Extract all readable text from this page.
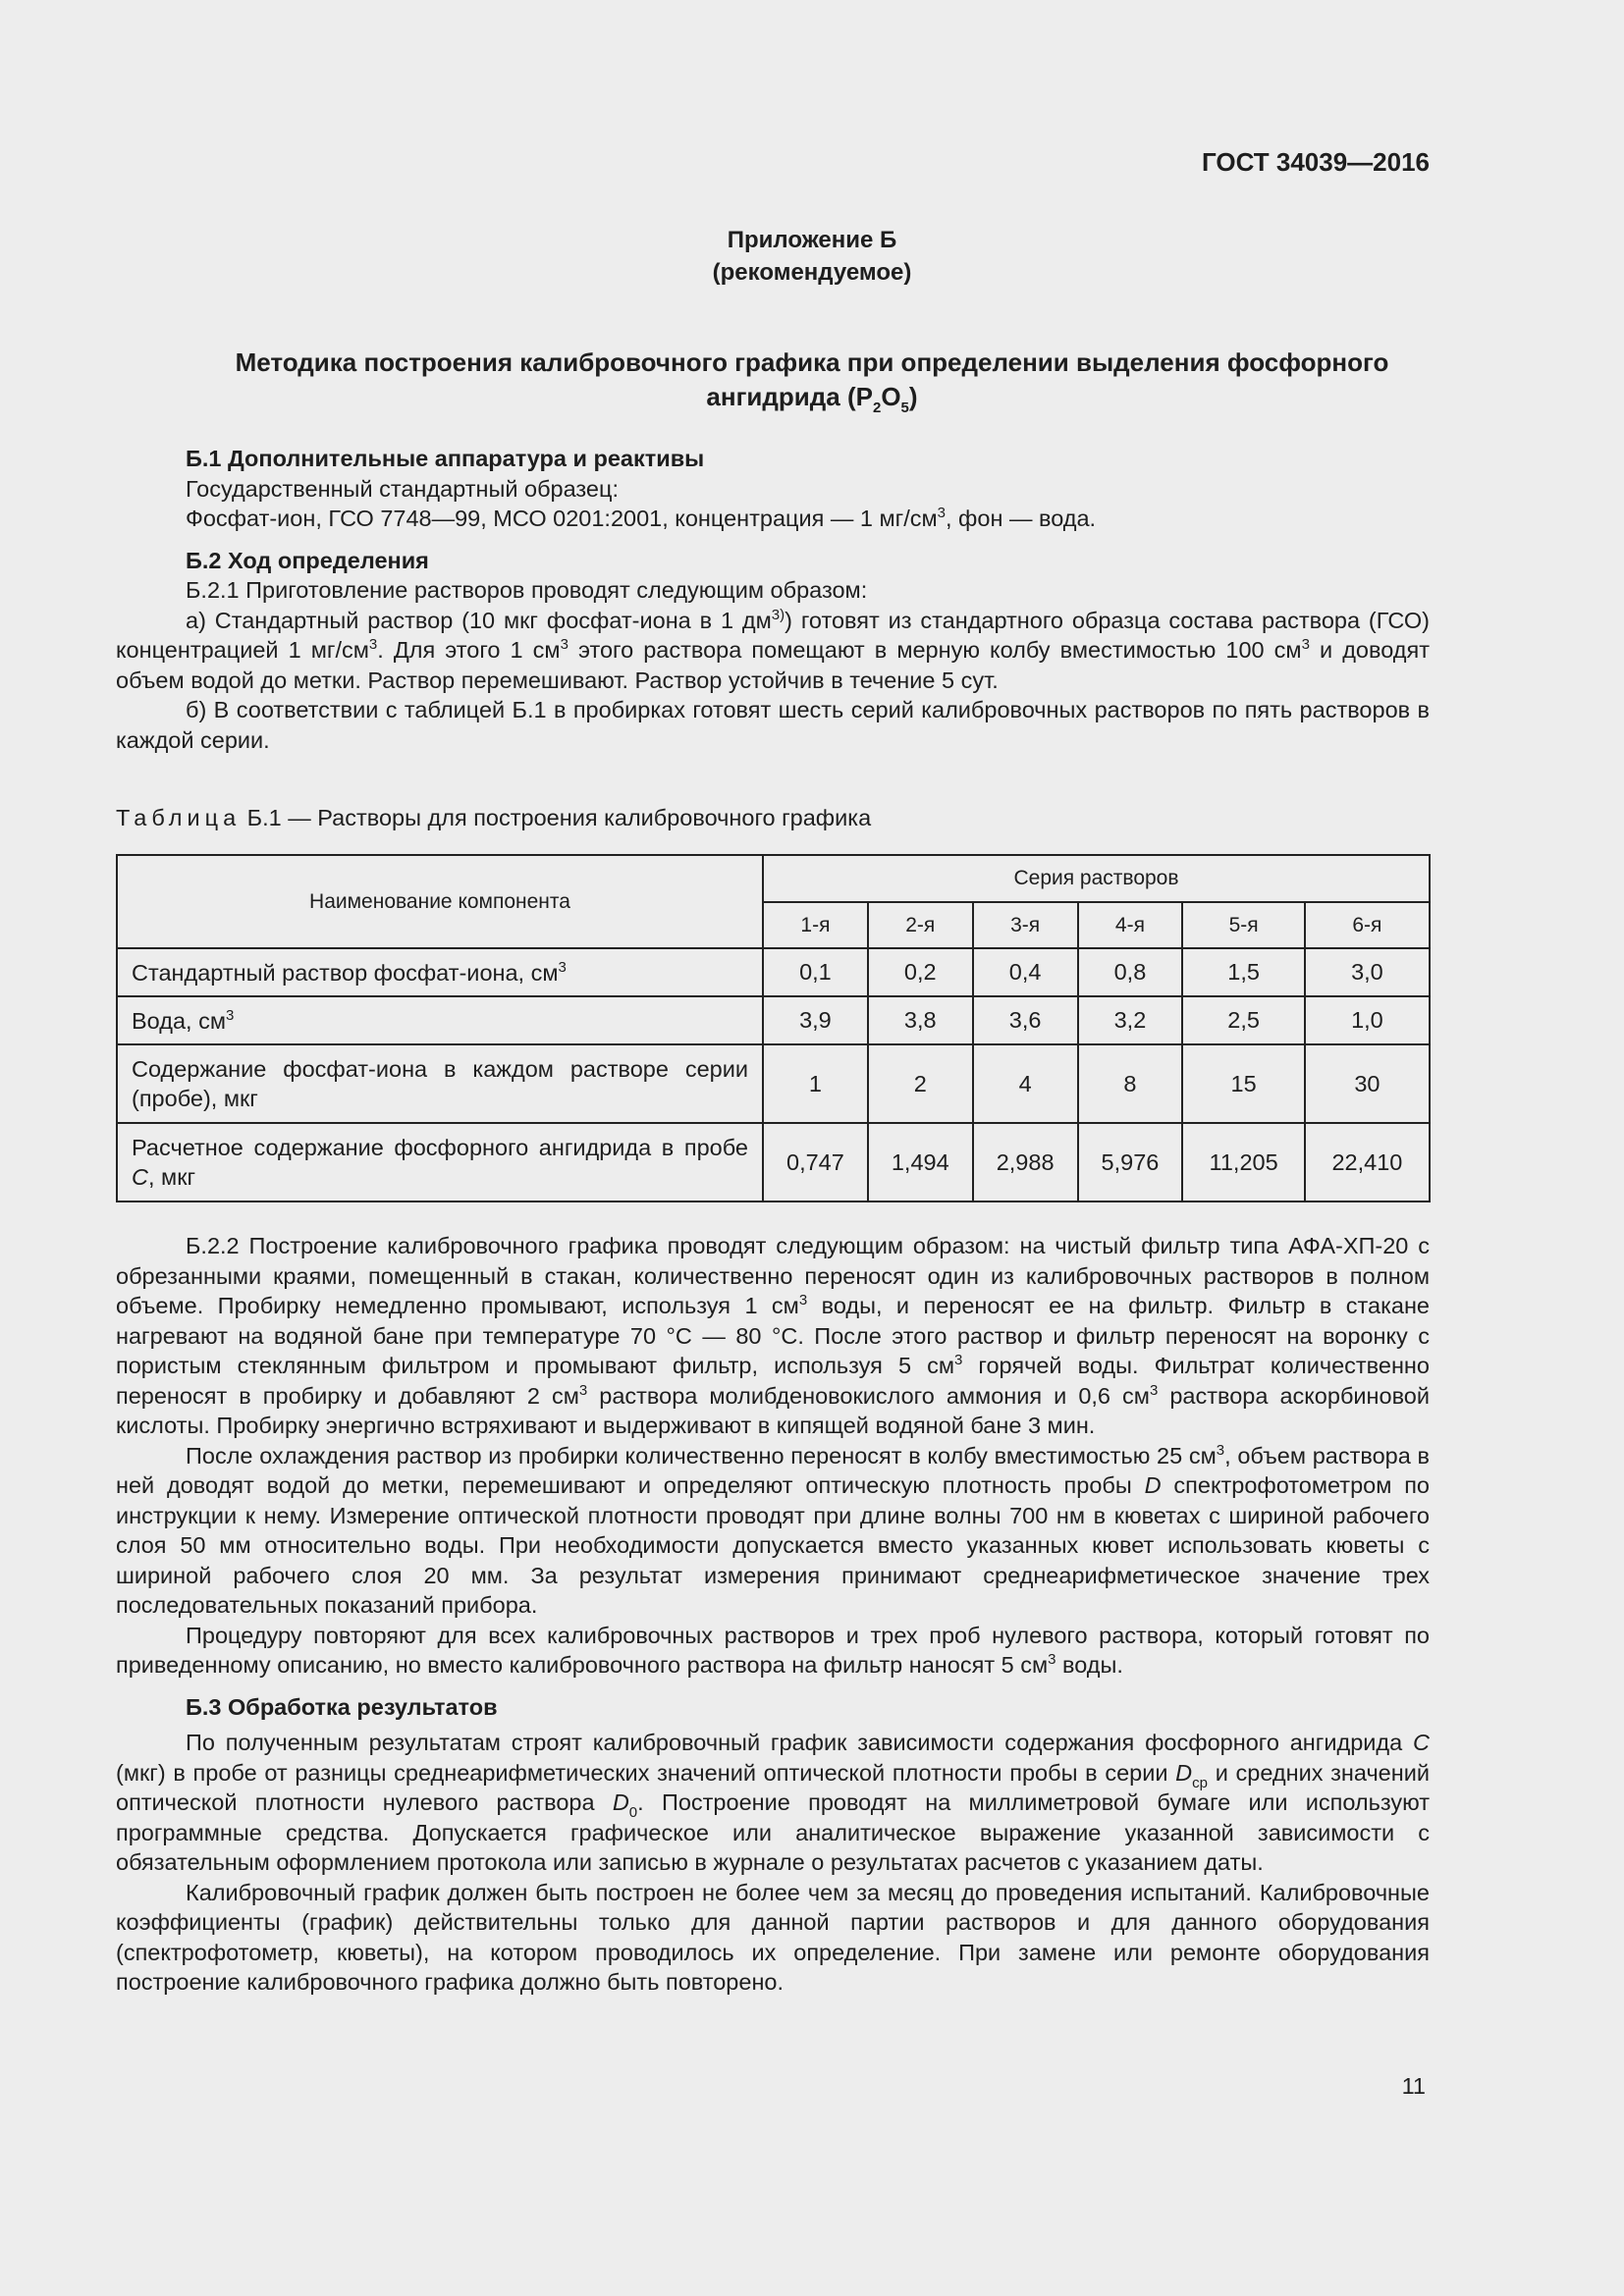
ГОСТ 34039—2016
Приложение Б
(рекомендуемое)
Методика построения калибровочного графика при определении выделения фосфорного
ангидрида $(P_2O_5)$
Б.1 Дополнительные аппаратура и реактивы
Государственный стандартный образец:
Фосфат-ион, ГСО 7748—99, МСО 0201:2001, концентрация — 1 $мг/см^3$, фон — вода.
Б.2 Ход определения

Б.2.1 Приготовление растворов проводят следующим образом:

а) Стандартный раствор (10 мкг фосфат-иона в 1 $дм^{3)}$) готовят из стандартного образца состава раствора (ГСО) концентрацией 1 $мг/см^3$. Для этого 1 $см^3$ этого раствора помещают в мерную колбу вместимостью 100 $см^3$ и доводят объем водой до метки. Раствор перемешивают. Раствор устойчив в течение 5 сут.

б) В соответствии с таблицей Б.1 в пробирках готовят шесть серий калибровочных растворов по пять растворов в каждой серии.

Таблица Б.1 — Растворы для построения калибровочного графика
Наименование компонента	Серия растворов					
	1-я	2-я	3-я	4-я	5-я	6-я
Стандартный раствор фосфат-иона, $см^3$	0,1	0,2	0,4	0,8	1,5	3,0
Вода, $см^3$	3,9	3,8	3,6	3,2	2,5	1,0
Содержание фосфат-иона в каждом растворе серии (пробе), мкг	1	2	4	8	15	30
Расчетное содержание фосфорного ангидрида в пробе C, мкг	0,747	1,494	2,988	5,976	11,205	22,410

Б.2.2 Построение калибровочного графика проводят следующим образом: на чистый фильтр типа АФА-ХП-20 с обрезанными краями, помещенный в стакан, количественно переносят один из калибровочных растворов в полном объеме. Пробирку немедленно промывают, используя 1 $см^3$ воды, и переносят ее на фильтр. Фильтр в стакане нагревают на водяной бане при температуре 70 °С — 80 °С. После этого раствор и фильтр переносят на воронку с пористым стеклянным фильтром и промывают фильтр, используя 5 $см^3$ горячей воды. Фильтрат количественно переносят в пробирку и добавляют 2 $см^3$ раствора молибденовокислого аммония и 0,6 $см^3$ раствора аскорбиновой кислоты. Пробирку энергично встряхивают и выдерживают в кипящей водяной бане 3 мин.

После охлаждения раствор из пробирки количественно переносят в колбу вместимостью 25 $см^3$, объем раствора в ней доводят водой до метки, перемешивают и определяют оптическую плотность пробы D спектрофотометром по инструкции к нему. Измерение оптической плотности проводят при длине волны 700 нм в кюветах с шириной рабочего слоя 50 мм относительно воды. При необходимости допускается вместо указанных кювет использовать кюветы с шириной рабочего слоя 20 мм. За результат измерения принимают среднеарифметическое значение трех последовательных показаний прибора.

Процедуру повторяют для всех калибровочных растворов и трех проб нулевого раствора, который готовят по приведенному описанию, но вместо калибровочного раствора на фильтр наносят 5 $см^3$ воды.

Б.3 Обработка результатов

По полученным результатам строят калибровочный график зависимости содержания фосфорного ангидрида C (мкг) в пробе от разницы среднеарифметических значений оптической плотности пробы в серии $D_{ср}$ и средних значений оптической плотности нулевого раствора $D_0$. Построение проводят на миллиметровой бумаге или используют программные средства. Допускается графическое или аналитическое выражение указанной зависимости с обязательным оформлением протокола или записью в журнале о результатах расчетов с указанием даты.

Калибровочный график должен быть построен не более чем за месяц до проведения испытаний. Калибровочные коэффициенты (график) действительны только для данной партии растворов и для данного оборудования (спектрофотометр, кюветы), на котором проводилось их определение. При замене или ремонте оборудования построение калибровочного графика должно быть повторено.

11
